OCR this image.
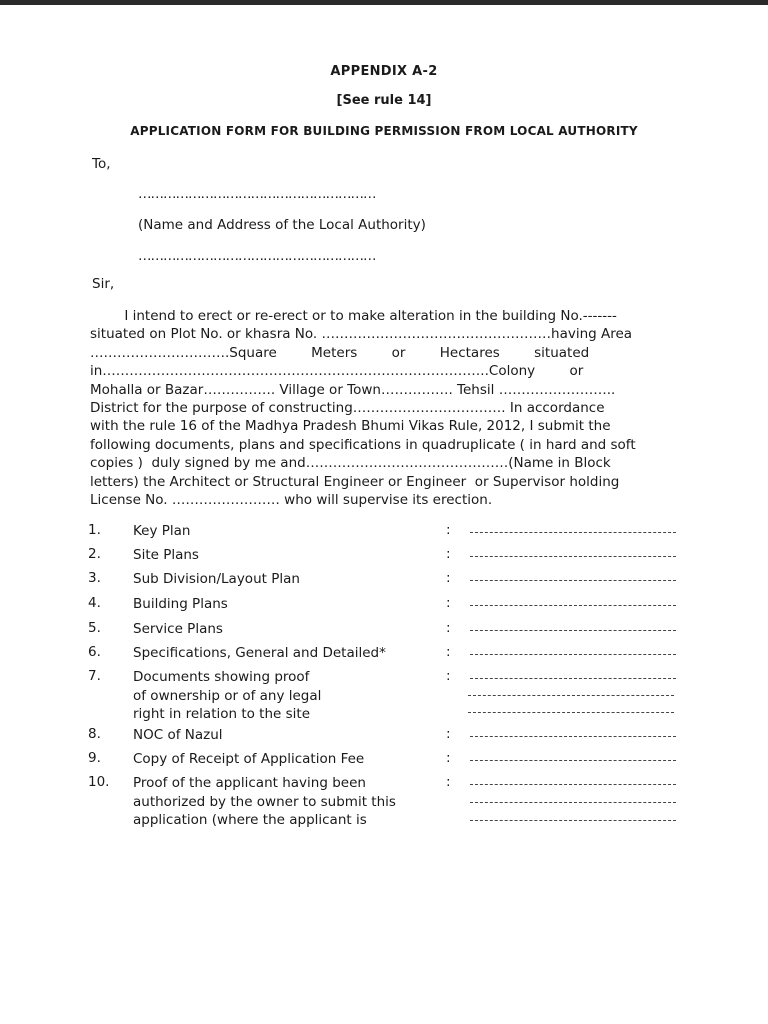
APPENDIX A-2
[See rule 14]
APPLICATION FORM FOR BUILDING PERMISSION FROM LOCAL AUTHORITY
To,
…………………………………………………
(Name and Address of the Local Authority)
…………………………………………………
Sir,
I intend to erect or re-erect or to make alteration in the building No.-------
situated on Plot No. or khasra No. ……………………………………………having Area
………………………….Square        Meters        or        Hectares        situated
in…………………………………………………………………………..Colony        or
Mohalla or Bazar……………. Village or Town……………. Tehsil ……………………..
District for the purpose of constructing……………………………. In accordance
with the rule 16 of the Madhya Pradesh Bhumi Vikas Rule, 2012, I submit the
following documents, plans and specifications in quadruplicate ( in hard and soft
copies )  duly signed by me and………………………………………(Name in Block
letters) the Architect or Structural Engineer or Engineer  or Supervisor holding
License No. …………………… who will supervise its erection.
1. Key Plan	:
2. Site Plans	:
3. Sub Division/Layout Plan	:
4. Building Plans	:
5. Service Plans	:
6. Specifications, General and Detailed*	:
7. Documents showing proof
of ownership or of any legal
right in relation to the site
:
8. NOC of Nazul	:
9. Copy of Receipt of Application Fee	:
10. Proof of the applicant having been
authorized by the owner to submit this
application (where the applicant is
:
